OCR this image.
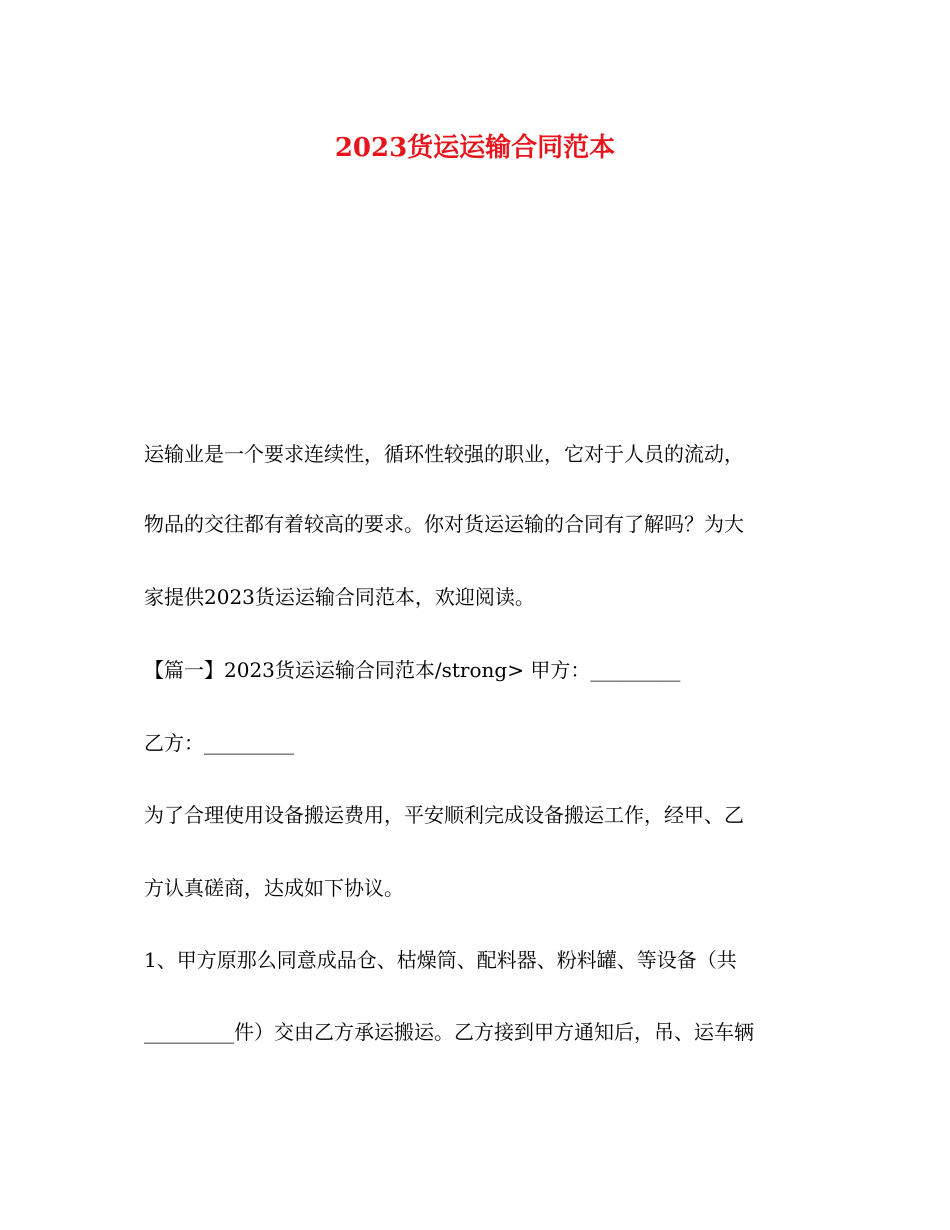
2023货运运输合同范本
运输业是一个要求连续性，循环性较强的职业，它对于人员的流动，
物品的交往都有着较高的要求。你对货运运输的合同有了解吗？为大
家提供2023货运运输合同范本，欢迎阅读。
【篇一】2023货运运输合同范本/strong> 甲方：_________
乙方：_________
为了合理使用设备搬运费用，平安顺利完成设备搬运工作，经甲、乙
方认真磋商，达成如下协议。
1、甲方原那么同意成品仓、枯燥筒、配料器、粉料罐、等设备（共
_________件）交由乙方承运搬运。乙方接到甲方通知后，吊、运车辆
